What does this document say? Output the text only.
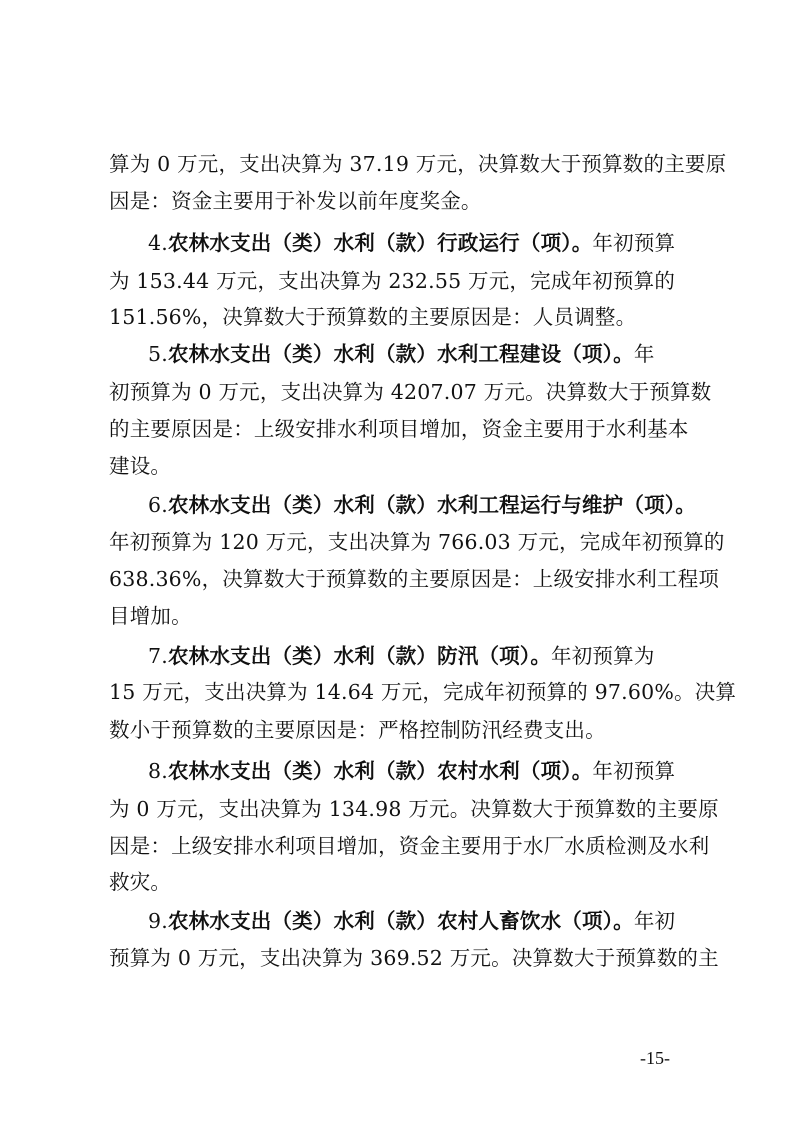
算为 0 万元，支出决算为 37.19 万元，决算数大于预算数的主要原
因是：资金主要用于补发以前年度奖金。
4.农林水支出（类）水利（款）行政运行（项）。年初预算
为 153.44 万元，支出决算为 232.55 万元，完成年初预算的
151.56%，决算数大于预算数的主要原因是：人员调整。
5.农林水支出（类）水利（款）水利工程建设（项）。年
初预算为 0 万元，支出决算为 4207.07 万元。决算数大于预算数
的主要原因是：上级安排水利项目增加，资金主要用于水利基本
建设。
6.农林水支出（类）水利（款）水利工程运行与维护（项）。
年初预算为 120 万元，支出决算为 766.03 万元，完成年初预算的
638.36%，决算数大于预算数的主要原因是：上级安排水利工程项
目增加。
7.农林水支出（类）水利（款）防汛（项）。年初预算为
15 万元，支出决算为 14.64 万元，完成年初预算的 97.60%。决算
数小于预算数的主要原因是：严格控制防汛经费支出。
8.农林水支出（类）水利（款）农村水利（项）。年初预算
为 0 万元，支出决算为 134.98 万元。决算数大于预算数的主要原
因是：上级安排水利项目增加，资金主要用于水厂水质检测及水利
救灾。
9.农林水支出（类）水利（款）农村人畜饮水（项）。年初
预算为 0 万元，支出决算为 369.52 万元。决算数大于预算数的主
-15-
